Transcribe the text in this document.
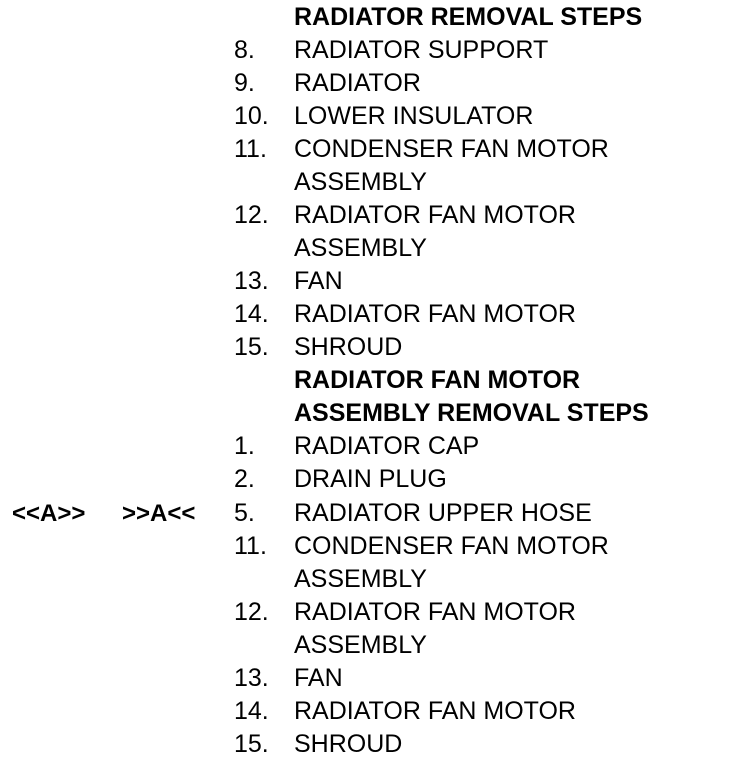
RADIATOR REMOVAL STEPS
8. RADIATOR SUPPORT
9. RADIATOR
10. LOWER INSULATOR
11. CONDENSER FAN MOTOR
ASSEMBLY
12. RADIATOR FAN MOTOR
ASSEMBLY
13. FAN
14. RADIATOR FAN MOTOR
15. SHROUD
RADIATOR FAN MOTOR
ASSEMBLY REMOVAL STEPS
1. RADIATOR CAP
2. DRAIN PLUG
<<A>> >>A<< 5. RADIATOR UPPER HOSE
11. CONDENSER FAN MOTOR
ASSEMBLY
12. RADIATOR FAN MOTOR
ASSEMBLY
13. FAN
14. RADIATOR FAN MOTOR
15. SHROUD
